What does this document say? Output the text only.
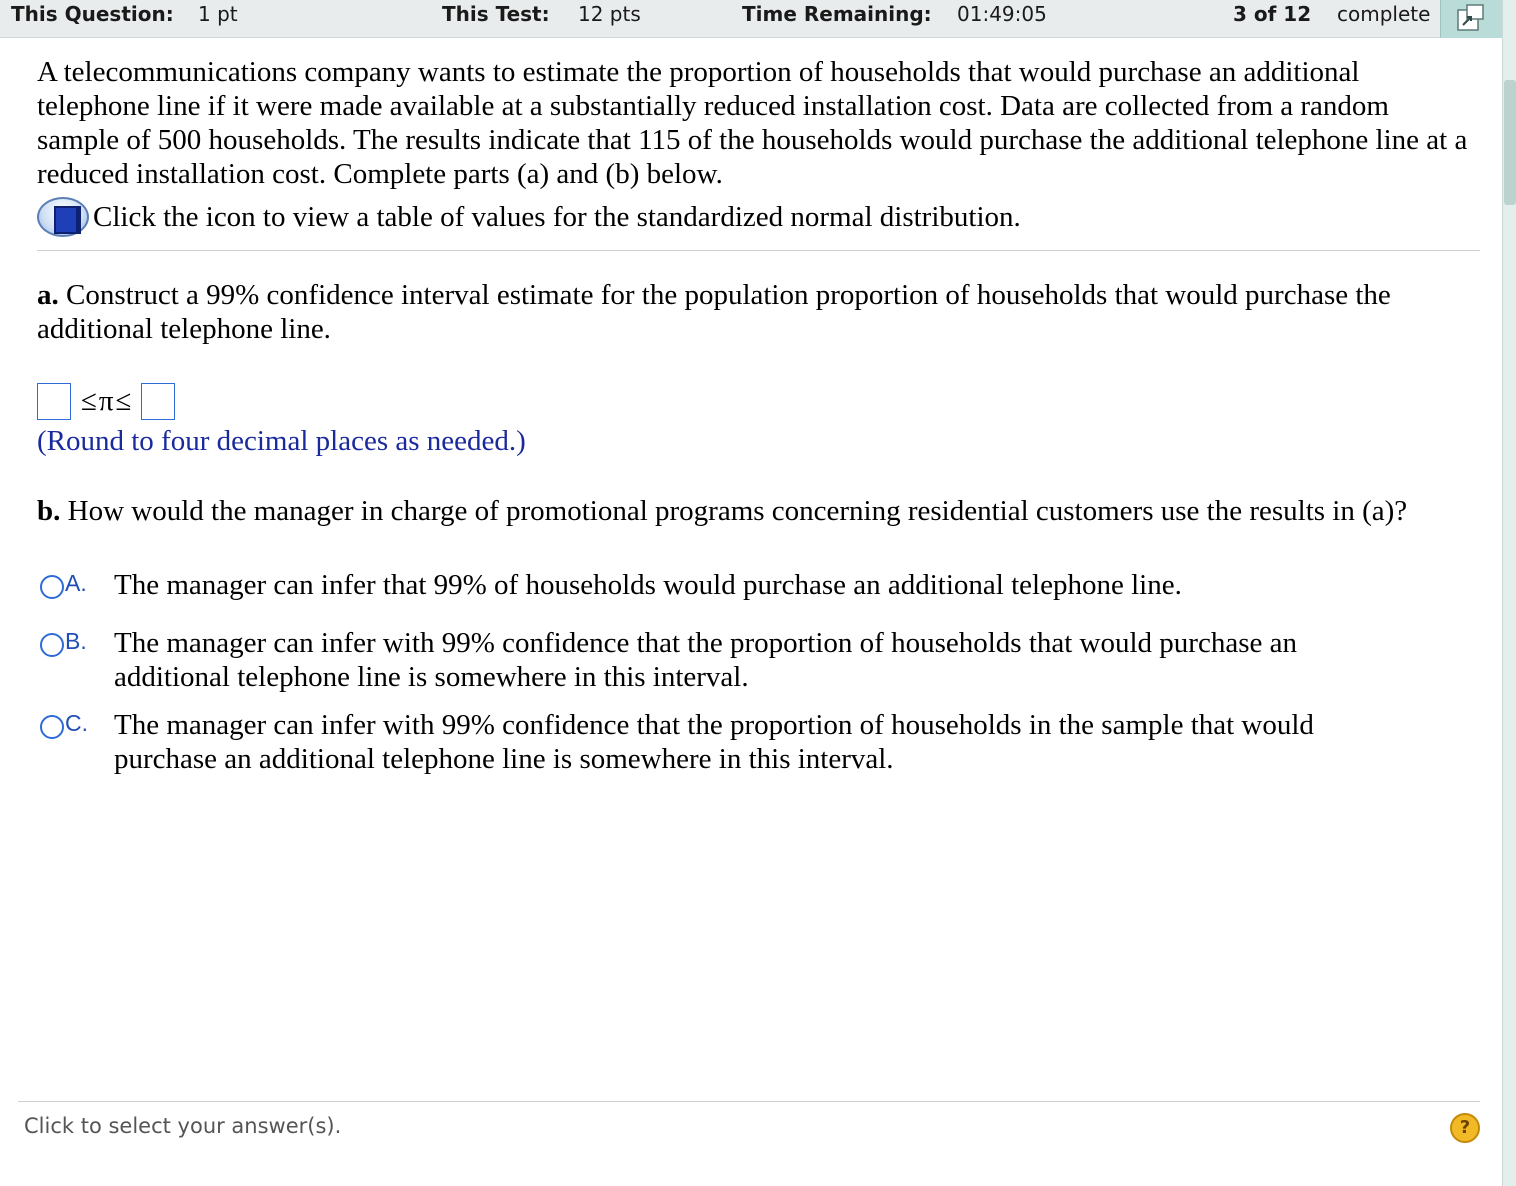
This Question: 1 pt	This Test: 12 pts	Time Remaining: 01:49:05	3 of 12 complete

A telecommunications company wants to estimate the proportion of households that would purchase an additional telephone line if it were made available at a substantially reduced installation cost. Data are collected from a random sample of 500 households. The results indicate that 115 of the households would purchase the additional telephone line at a reduced installation cost. Complete parts (a) and (b) below.

Click the icon to view a table of values for the standardized normal distribution.

a. Construct a 99% confidence interval estimate for the population proportion of households that would purchase the additional telephone line.

≤π≤

(Round to four decimal places as needed.)

b. How would the manager in charge of promotional programs concerning residential customers use the results in (a)?

A. The manager can infer that 99% of households would purchase an additional telephone line.
B. The manager can infer with 99% confidence that the proportion of households that would purchase an additional telephone line is somewhere in this interval.
C. The manager can infer with 99% confidence that the proportion of households in the sample that would purchase an additional telephone line is somewhere in this interval.
Click to select your answer(s).	?
